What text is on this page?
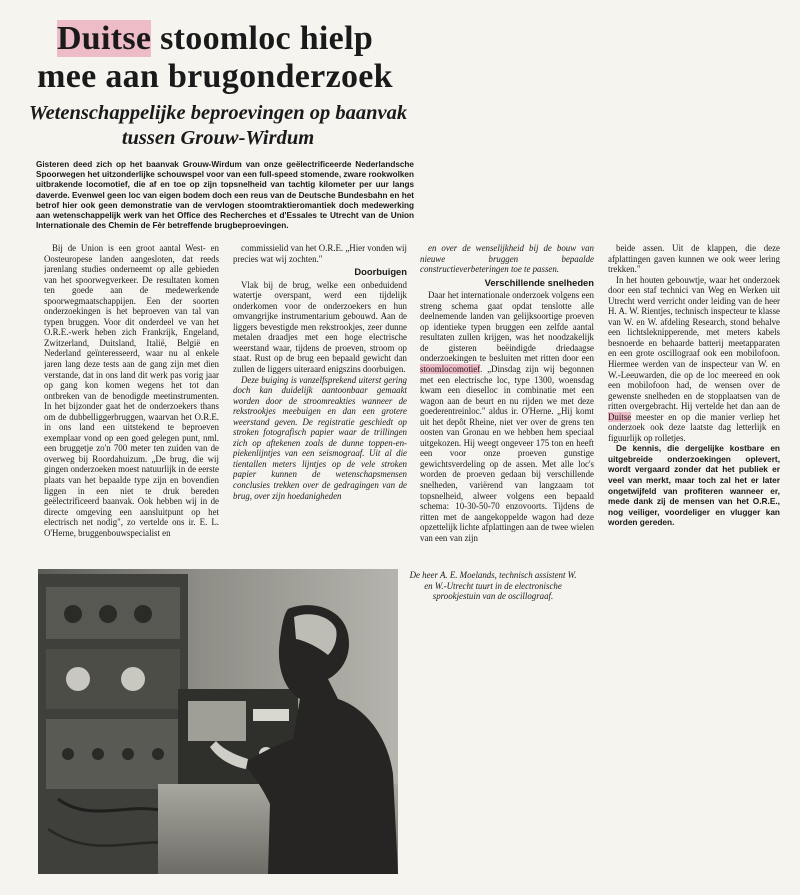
Duitse stoomloc hielp mee aan brugonderzoek
Wetenschappelijke beproevingen op baanvak tussen Grouw-Wirdum

Gisteren deed zich op het baanvak Grouw-Wirdum van onze geëlectrificeerde Nederlandsche Spoorwegen het uitzonderlijke schouwspel voor van een full-speed stomende, zware rookwolken uitbrakende locomotief, die af en toe op zijn topsnelheid van tachtig kilometer per uur langs daverde. Evenwel geen loc van eigen bodem doch een reus van de Deutsche Bundesbahn en het betrof hier ook geen demonstratie van de vervlogen stoomtraktieromantiek doch medewerking aan wetenschappelijk werk van het Office des Recherches et d'Essales te Utrecht van de Union Internationale des Chemin de Fèr betreffende brugbeproevingen.

Bij de Union is een groot aantal West- en Oosteuropese landen aangesloten, dat reeds jarenlang studies onderneemt op alle gebieden van het spoorwegverkeer. De resultaten komen ten goede aan de medewerkende spoorwegmaatschappijen. Een der soorten onderzoekingen is het beproeven van tal van typen bruggen. Voor dit onderdeel ve van het O.R.E.-werk heben zich Frankrijk, Engeland, Zwitzerland, Duitsland, Italië, België en Nederland geïnteresseerd, waar nu al enkele jaren lang deze tests aan de gang zijn met dien verstande, dat in ons land dit werk pas vorig jaar op gang kon komen wegens het tot dan ontbreken van de benodigde meetinstrumenten. In het bijzonder gaat het de onderzoekers thans om de dubbelliggerbruggen, waarvan het O.R.E. in ons land een uitstekend te beproeven exemplaar vond op een goed gelegen punt, nml. een bruggetje zo'n 700 meter ten zuiden van de overweg bij Roordahuizum. „De brug, die wij gingen onderzoeken moest natuurlijk in de eerste plaats van het bepaalde type zijn en bovendien liggen in een niet te druk bereden geëlectrificeerd baanvak. Ook hebben wij in de directe omgeving een aansluitpunt op het electrisch net nodig", zo vertelde ons ir. E. L. O'Herne, bruggenbouwspecialist en

commissielid van het O.R.E. „Hier vonden wij precies wat wij zochten."

Doorbuigen

Vlak bij de brug, welke een onbeduidend watertje overspant, werd een tijdelijk onderkomen voor de onderzoekers en hun omvangrijke instrumentarium gebouwd. Aan de liggers bevestigde men rekstrookjes, zeer dunne metalen draadjes met een hoge electrische weerstand waar, tijdens de proeven, stroom op staat. Rust op de brug een bepaald gewicht dan zullen de liggers uiteraard enigszins doorbuigen.

Deze buiging is vanzelfsprekend uiterst gering doch kan duidelijk aantoonbaar gemaakt worden door de stroomreakties wanneer de rekstrookjes meebuigen en dan een grotere weerstand geven. De registratie geschiedt op stroken fotografisch papier waar de trillingen zich op aftekenen zoals de dunne toppen-en-piekenlijntjes van een seismograaf. Uit al die tientallen meters lijntjes op de vele stroken papier kunnen de wetenschapsmensen conclusies trekken over de gedragingen van de brug, over zijn hoedanigheden

en over de wenselijkheid bij de bouw van nieuwe bruggen bepaalde constructieverbeteringen toe te passen.

Verschillende snelheden

Daar het internationale onderzoek volgens een streng schema gaat opdat tenslotte alle deelnemende landen van gelijksoortige proeven op identieke typen bruggen een zelfde aantal resultaten zullen krijgen, was het noodzakelijk de gisteren beëindigde driedaagse onderzoekingen te besluiten met ritten door een stoomlocomotief. „Dinsdag zijn wij begonnen met een electrische loc, type 1300, woensdag kwam een dieselloc in combinatie met een wagon aan de beurt en nu rijden we met deze goederentreinloc." aldus ir. O'Herne. „Hij komt uit het depôt Rheine, niet ver over de grens ten oosten van Gronau en we hebben hem speciaal uitgekozen. Hij weegt ongeveer 175 ton en heeft een voor onze proeven gunstige gewichtsverdeling op de assen. Met alle loc's worden de proeven gedaan bij verschillende snelheden, variërend van langzaam tot topsnelheid, alweer volgens een bepaald schema: 10-30-50-70 enzovoorts. Tijdens de ritten met de aangekoppelde wagon had deze opzettelijk lichte afplattingen aan de twee wielen van een van zijn

beide assen. Uit de klappen, die deze afplattingen gaven kunnen we ook weer lering trekken."

In het houten gebouwtje, waar het onderzoek door een staf technici van Weg en Werken uit Utrecht werd verricht onder leiding van de heer H. A. W. Rientjes, technisch inspecteur te klasse van W. en W. afdeling Research, stond behalve een lichtsleknipperende, met meters kabels besnoerde en behaarde batterij meetapparaten en een grote oscillograaf ook een mobilofoon. Hiermee werden van de inspecteur van W. en W.-Leeuwarden, die op de loc meereed en ook een mobilofoon had, de wensen over de gewenste snelheden en de stopplaatsen van de ritten overgebracht. Hij vertelde het dan aan de Duitse meester en op die manier verliep het onderzoek ook deze laatste dag letterlijk en figuurlijk op rolletjes.

De kennis, die dergelijke kostbare en uitgebreide onderzoekingen oplevert, wordt vergaard zonder dat het publiek er veel van merkt, maar toch zal het er later ongetwijfeld van profiteren wanneer er, mede dank zij de mensen van het O.R.E., nog veiliger, voordeliger en vlugger kan worden gereden.

De heer A. E. Moelands, technisch assistent W. en W.-Utrecht tuurt in de electronische sprookjestuin van de oscillograaf.
